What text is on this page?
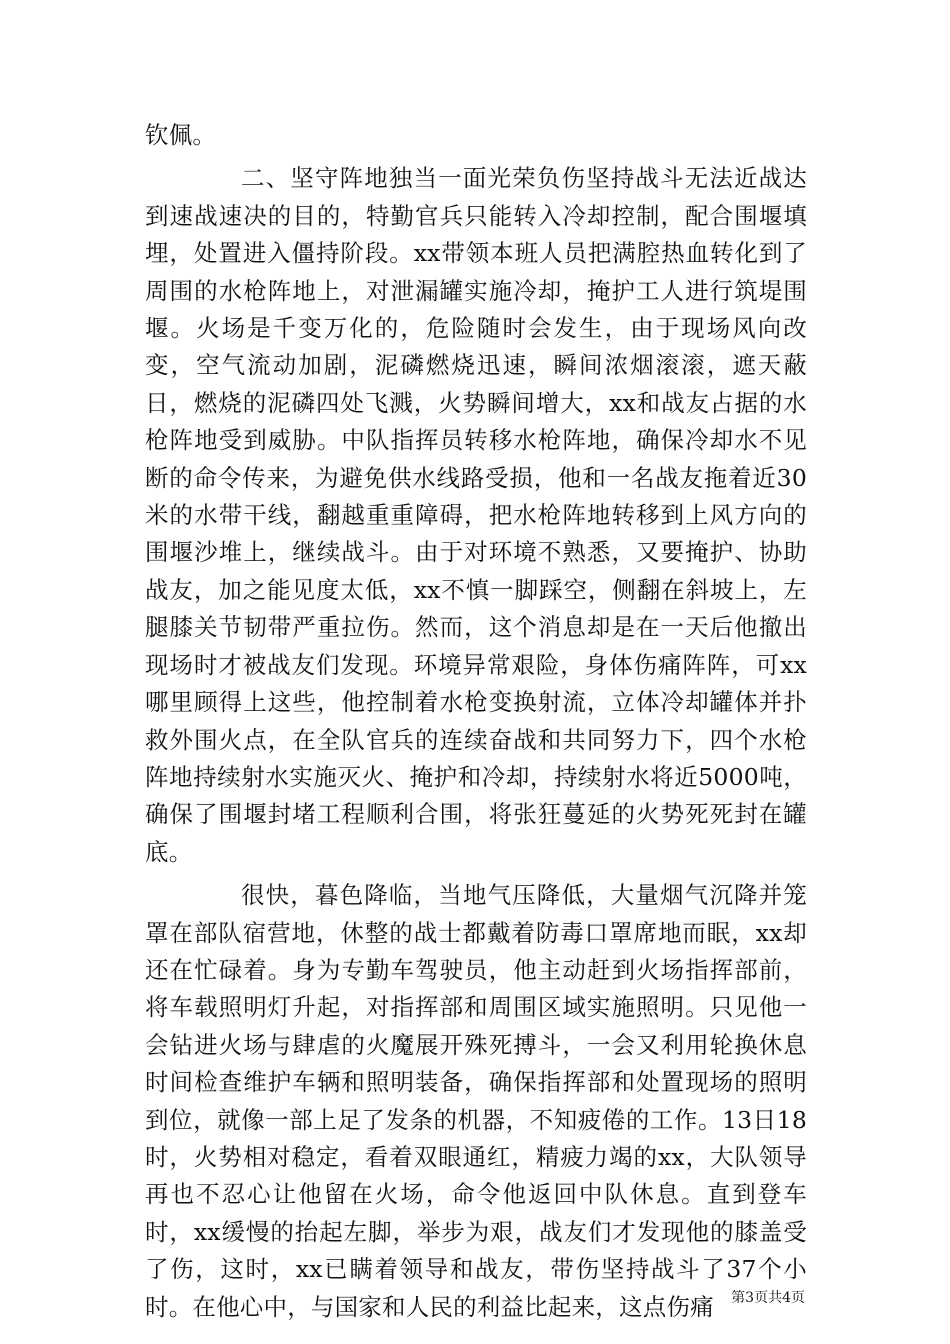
钦佩。

二、坚守阵地独当一面光荣负伤坚持战斗无法近战达到速战速决的目的，特勤官兵只能转入冷却控制，配合围堰填埋，处置进入僵持阶段。xx带领本班人员把满腔热血转化到了周围的水枪阵地上，对泄漏罐实施冷却，掩护工人进行筑堤围堰。火场是千变万化的，危险随时会发生，由于现场风向改变，空气流动加剧，泥磷燃烧迅速，瞬间浓烟滚滚，遮天蔽日，燃烧的泥磷四处飞溅，火势瞬间增大，xx和战友占据的水枪阵地受到威胁。中队指挥员转移水枪阵地，确保冷却水不见断的命令传来，为避免供水线路受损，他和一名战友拖着近30米的水带干线，翻越重重障碍，把水枪阵地转移到上风方向的围堰沙堆上，继续战斗。由于对环境不熟悉，又要掩护、协助战友，加之能见度太低，xx不慎一脚踩空，侧翻在斜坡上，左腿膝关节韧带严重拉伤。然而，这个消息却是在一天后他撤出现场时才被战友们发现。环境异常艰险，身体伤痛阵阵，可xx哪里顾得上这些，他控制着水枪变换射流，立体冷却罐体并扑救外围火点，在全队官兵的连续奋战和共同努力下，四个水枪阵地持续射水实施灭火、掩护和冷却，持续射水将近5000吨，确保了围堰封堵工程顺利合围，将张狂蔓延的火势死死封在罐底。

很快，暮色降临，当地气压降低，大量烟气沉降并笼罩在部队宿营地，休整的战士都戴着防毒口罩席地而眠，xx却还在忙碌着。身为专勤车驾驶员，他主动赶到火场指挥部前，将车载照明灯升起，对指挥部和周围区域实施照明。只见他一会钻进火场与肆虐的火魔展开殊死搏斗，一会又利用轮换休息时间检查维护车辆和照明装备，确保指挥部和处置现场的照明到位，就像一部上足了发条的机器，不知疲倦的工作。13日18时，火势相对稳定，看着双眼通红，精疲力竭的xx，大队领导再也不忍心让他留在火场，命令他返回中队休息。直到登车时，xx缓慢的抬起左脚，举步为艰，战友们才发现他的膝盖受了伤，这时，xx已瞒着领导和战友，带伤坚持战斗了37个小时。在他心中，与国家和人民的利益比起来，这点伤痛	第3页共4页
